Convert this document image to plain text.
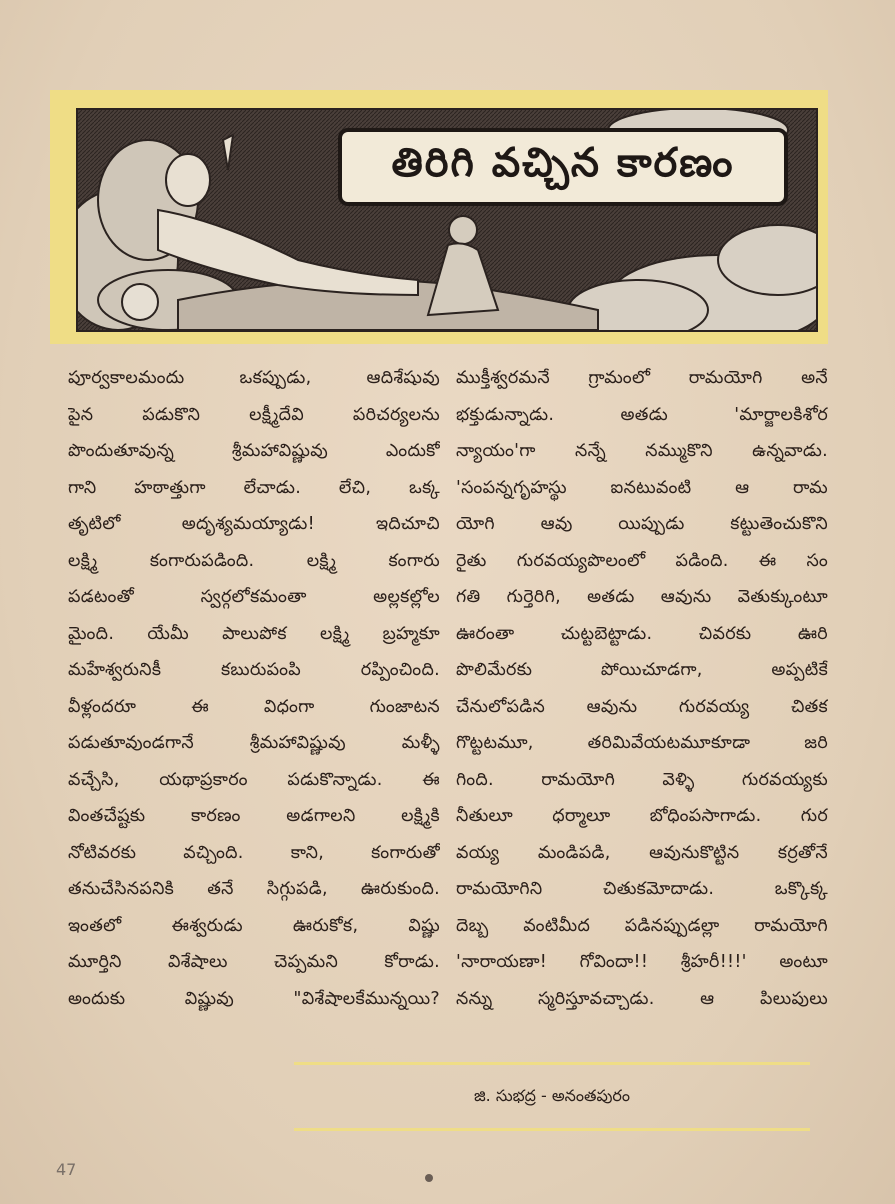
తిరిగి వచ్చిన కారణం
పూర్వకాలమందు ఒకప్పుడు, ఆదిశేషువు
పైన పడుకొని లక్ష్మీదేవి పరిచర్యలను
పొందుతూవున్న శ్రీమహావిష్ణువు ఎందుకో
గాని హఠాత్తుగా లేచాడు. లేచి, ఒక్క
తృటిలో అదృశ్యమయ్యాడు! ఇదిచూచి
లక్ష్మి కంగారుపడింది. లక్ష్మి కంగారు
పడటంతో స్వర్గలోకమంతా అల్లకల్లోల
మైంది. యేమీ పాలుపోక లక్ష్మి బ్రహ్మకూ
మహేశ్వరునికీ కబురుపంపి రప్పించింది.
వీళ్లందరూ ఈ విధంగా గుంజాటన
పడుతూవుండగానే శ్రీమహావిష్ణువు మళ్ళీ
వచ్చేసి, యథాప్రకారం పడుకొన్నాడు. ఈ
వింతచేష్టకు కారణం అడగాలని లక్ష్మికి
నోటివరకు వచ్చింది. కాని, కంగారుతో
తనుచేసినపనికి తనే సిగ్గుపడి, ఊరుకుంది.
ఇంతలో ఈశ్వరుడు ఊరుకోక, విష్ణు
మూర్తిని విశేషాలు చెప్పమని కోరాడు.
అందుకు విష్ణువు "విశేషాలకేమున్నయి?
ముక్తీశ్వరమనే గ్రామంలో రామయోగి అనే
భక్తుడున్నాడు. అతడు 'మార్జాలకిశోర
న్యాయం'గా నన్నే నమ్ముకొని ఉన్నవాడు.
'సంపన్నగృహస్థు ఐనటువంటి ఆ రామ
యోగి ఆవు యిప్పుడు కట్టుతెంచుకొని
రైతు గురవయ్యపొలంలో పడింది. ఈ సం
గతి గుర్తెరిగి, అతడు ఆవును వెతుక్కుంటూ
ఊరంతా చుట్టబెట్టాడు. చివరకు ఊరి
పొలిమేరకు పోయిచూడగా, అప్పటికే
చేనులోపడిన ఆవును గురవయ్య చితక
గొట్టటమూ, తరిమివేయటమూకూడా జరి
గింది. రామయోగి వెళ్ళి గురవయ్యకు
నీతులూ ధర్మాలూ బోధింపసాగాడు. గుర
వయ్య మండిపడి, ఆవునుకొట్టిన కర్రతోనే
రామయోగిని చితుకమోదాడు. ఒక్కొక్క
దెబ్బ వంటిమీద పడినప్పుడల్లా రామయోగి
'నారాయణా! గోవిందా!! శ్రీహరీ!!!' అంటూ
నన్ను స్మరిస్తూవచ్చాడు. ఆ పిలుపులు
జి. సుభద్ర - అనంతపురం
47
